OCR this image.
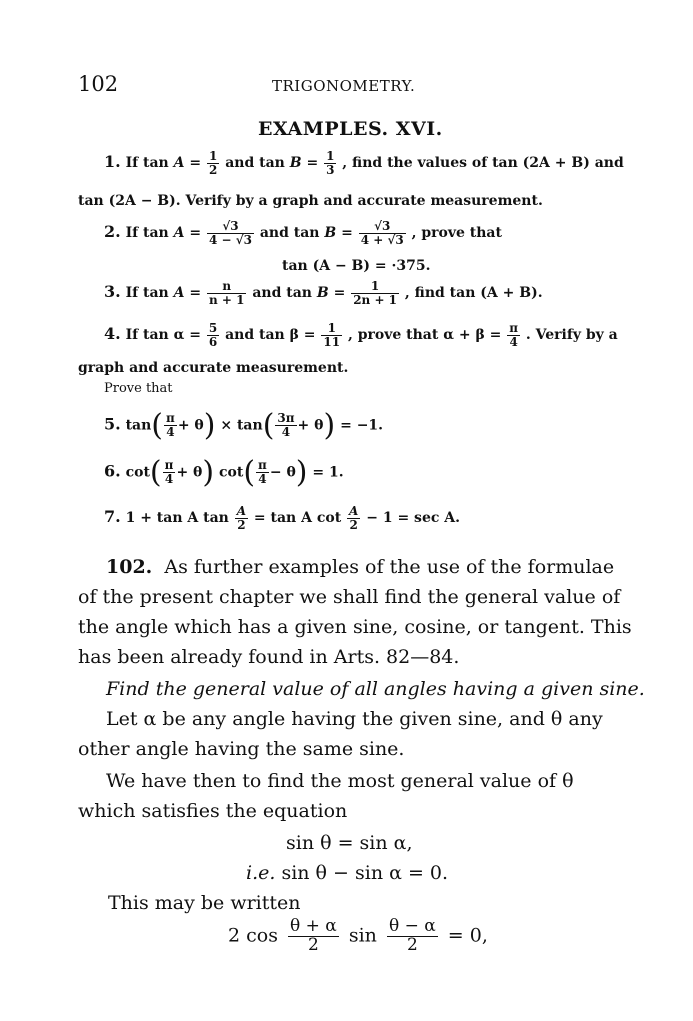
102	TRIGONOMETRY.
EXAMPLES. XVI.
1. If $\tan A = \frac{1}{2}$ and $\tan B = \frac{1}{3}$ , find the values of tan (2A + B) and
tan (2A − B). Verify by a graph and accurate measurement.
2. If $\tan A = \frac{√3}{4 - √3}$ and $\tan B = \frac{√3}{4 + √3}$ , prove that
tan (A − B) = ·375.
3. If $\tan A = \frac{n}{n + 1}$ and $\tan B = \frac{1}{2n + 1}$ , find tan (A + B).
4. If $\tan \alpha = \frac{5}{6}$ and $\tan \beta = \frac{1}{11}$ , prove that $\alpha + \beta = \frac{\pi}{4}$ . Verify by a
graph and accurate measurement.
Prove that
5. $\tan( \frac{\pi}{4} + \theta) \times \tan( \frac{3\pi}{4} + \theta) = -1$.
6. $\cot( \frac{\pi}{4} + \theta)$ $\cot( \frac{\pi}{4} - \theta) = 1$.
7. 1 + tan A $\tan \frac{A}{2} = \tan A$ $\cot \frac{A}{2} - 1 = \sec A$.
102. As further examples of the use of the formulae
of the present chapter we shall find the general value of
the angle which has a given sine, cosine, or tangent. This
has been already found in Arts. 82—84.
Find the general value of all angles having a given sine.
Let α be any angle having the given sine, and θ any
other angle having the same sine.
We have then to find the most general value of θ
which satisfies the equation
sin θ = sin α,
i.e. sin θ − sin α = 0.
This may be written
2 $\cos \frac{\theta + \alpha}{2}$ $\sin \frac{\theta - \alpha}{2} = 0$,
